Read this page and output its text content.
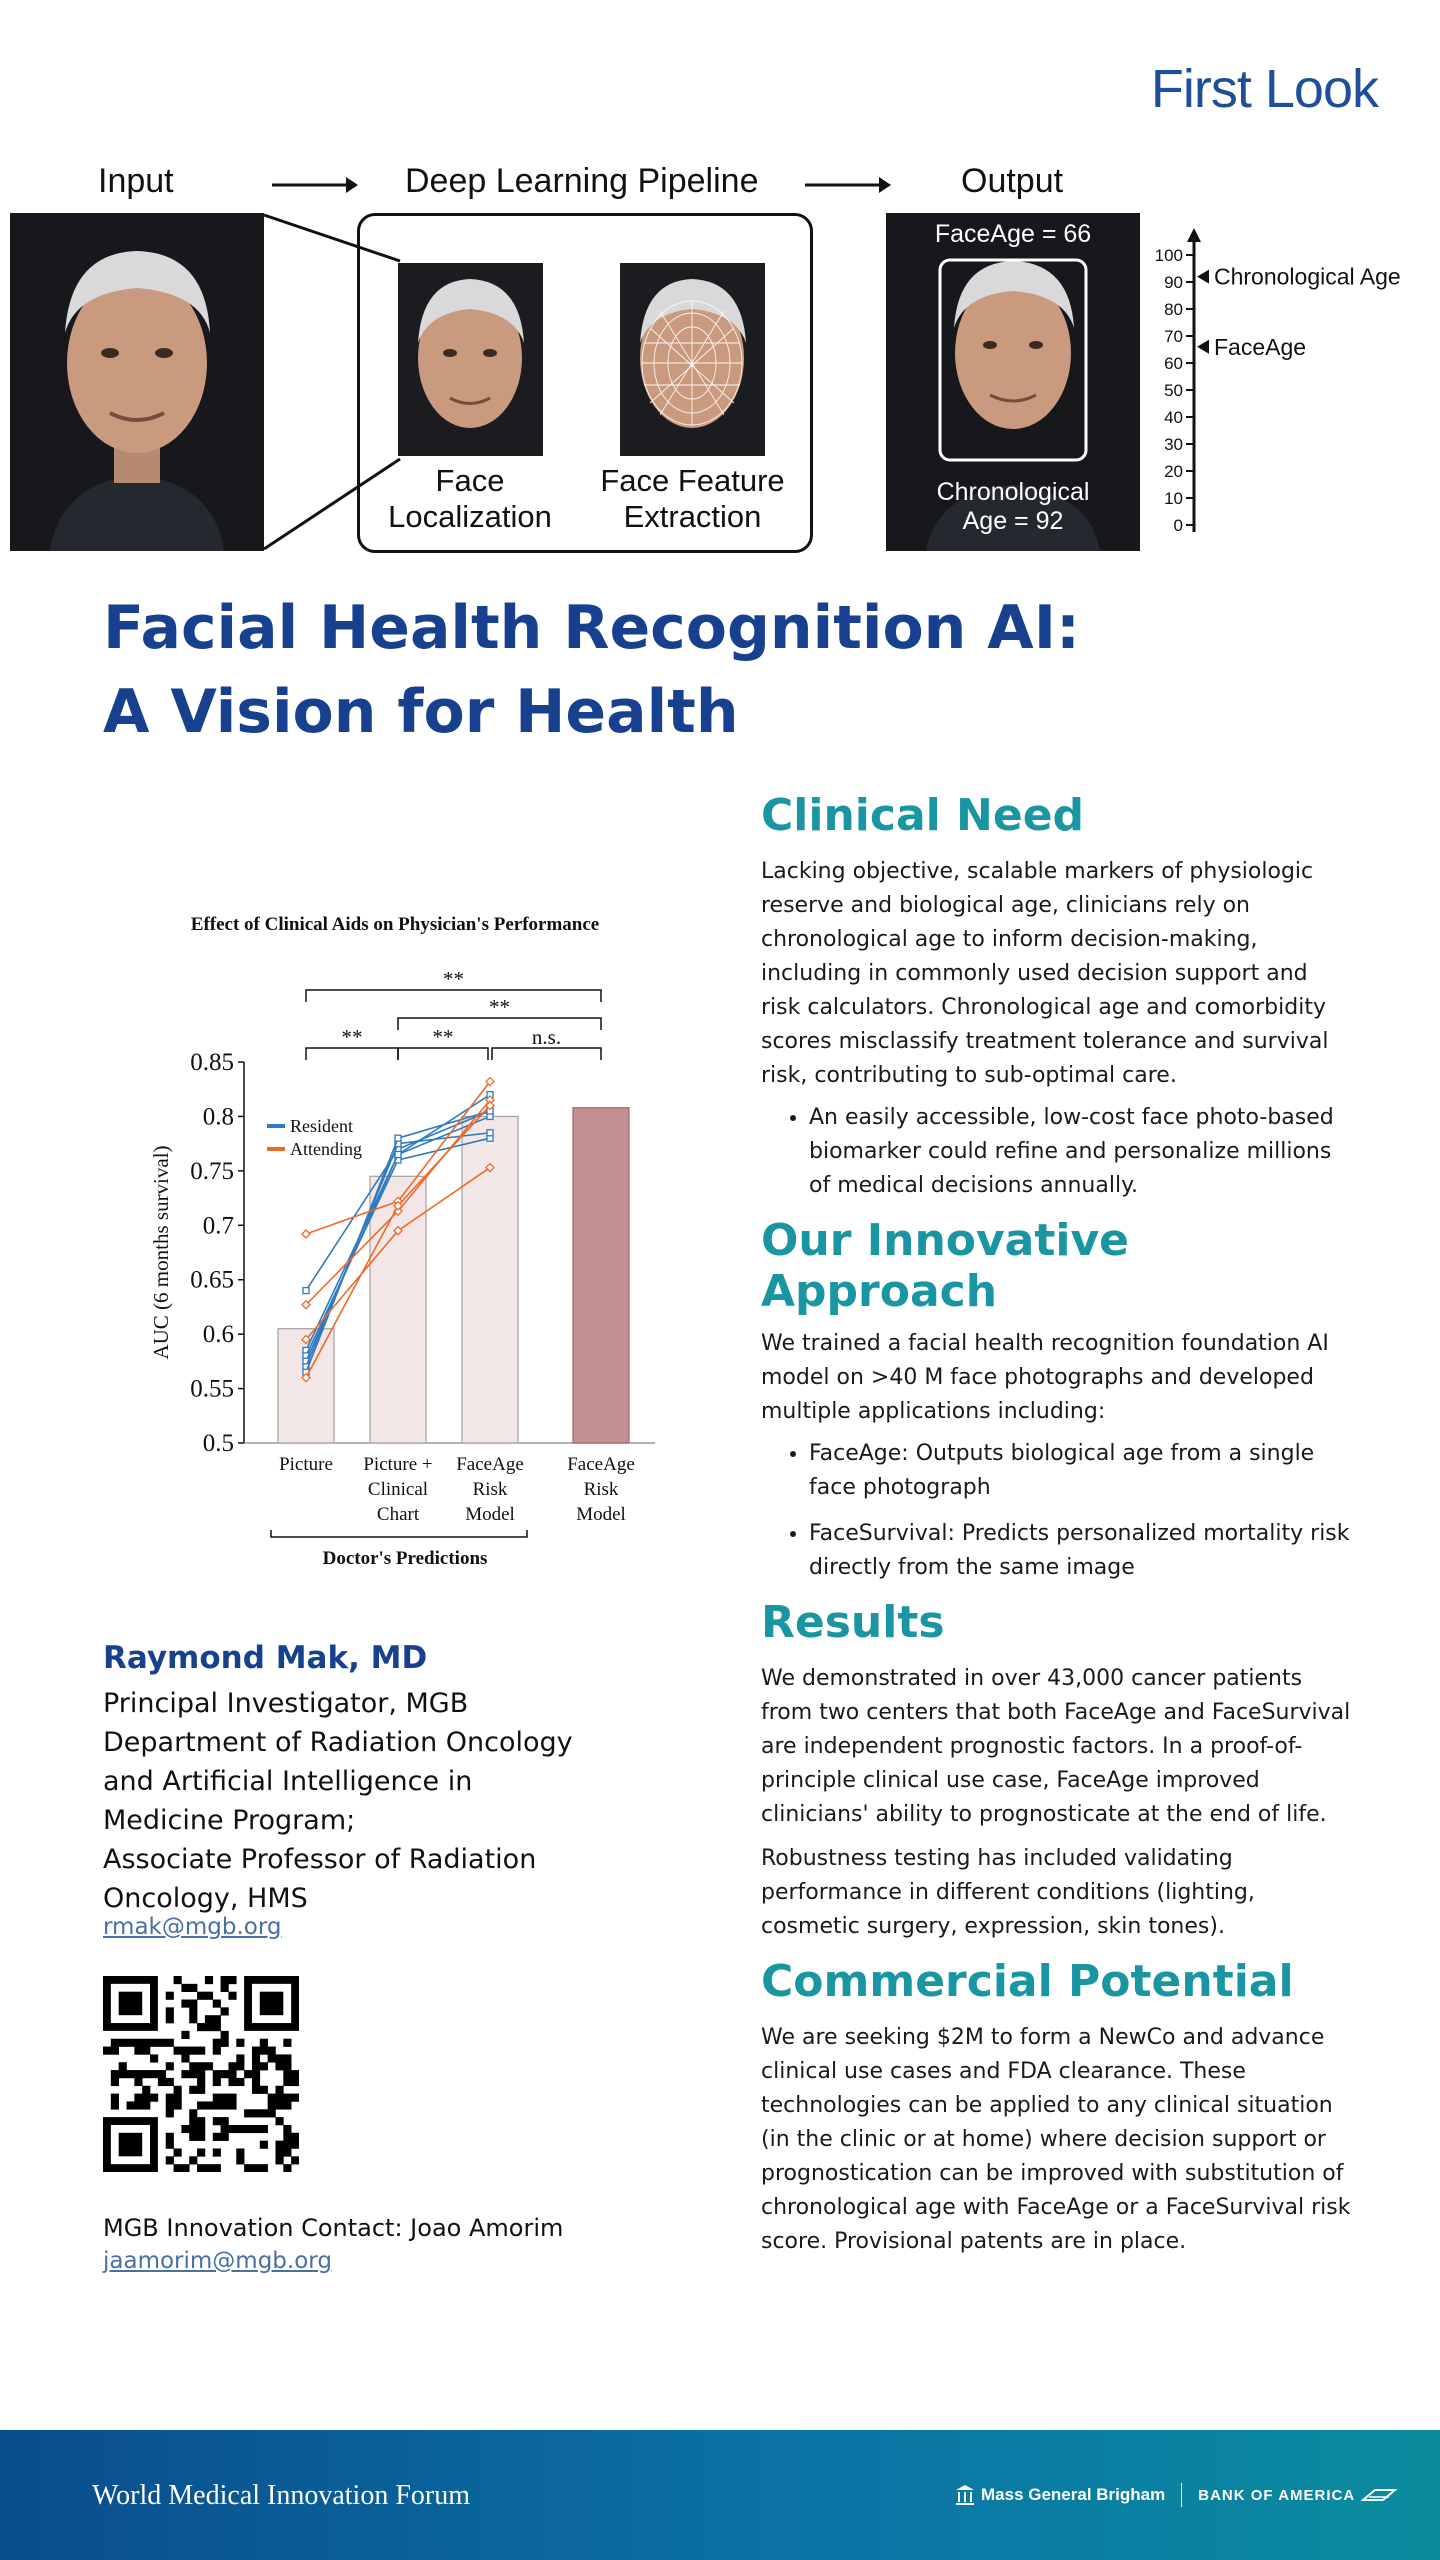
First Look
Input	Deep Learning Pipeline	Output
Face
Localization
Face Feature
Extraction
FaceAge = 66
Chronological
Age = 92
100
90
80
70
60
50
40
30
20
10
0
Chronological Age
FaceAge
Facial Health Recognition AI:
A Vision for Health
Effect of Clinical Aids on Physician's Performance
0.85
0.8
0.75
0.7
0.65
0.6
0.55
0.5
AUC (6 months survival)
Resident
Attending
**
**
**	**	n.s.
Picture Picture +
Clinical
Chart
FaceAge
Risk
Model
FaceAge
Risk
Model
Doctor's Predictions
Raymond Mak, MD
Principal Investigator, MGB
Department of Radiation Oncology
and Artificial Intelligence in
Medicine Program;
Associate Professor of Radiation
Oncology, HMS
rmak@mgb.org
MGB Innovation Contact: Joao Amorim
jaamorim@mgb.org
Clinical Need
Lacking objective, scalable markers of physiologic reserve and biological age, clinicians rely on chronological age to inform decision-making, including in commonly used decision support and risk calculators. Chronological age and comorbidity scores misclassify treatment tolerance and survival risk, contributing to sub-optimal care.
• An easily accessible, low-cost face photo-based biomarker could refine and personalize millions of medical decisions annually.
Our Innovative Approach
We trained a facial health recognition foundation AI model on >40 M face photographs and developed multiple applications including:
• FaceAge: Outputs biological age from a single face photograph
• FaceSurvival: Predicts personalized mortality risk directly from the same image
Results
We demonstrated in over 43,000 cancer patients from two centers that both FaceAge and FaceSurvival are independent prognostic factors. In a proof-of-principle clinical use case, FaceAge improved clinicians' ability to prognosticate at the end of life.
Robustness testing has included validating performance in different conditions (lighting, cosmetic surgery, expression, skin tones).
Commercial Potential
We are seeking $2M to form a NewCo and advance clinical use cases and FDA clearance. These technologies can be applied to any clinical situation (in the clinic or at home) where decision support or prognostication can be improved with substitution of chronological age with FaceAge or a FaceSurvival risk score. Provisional patents are in place.
World Medical Innovation Forum	Mass General Brigham BANK OF AMERICA
